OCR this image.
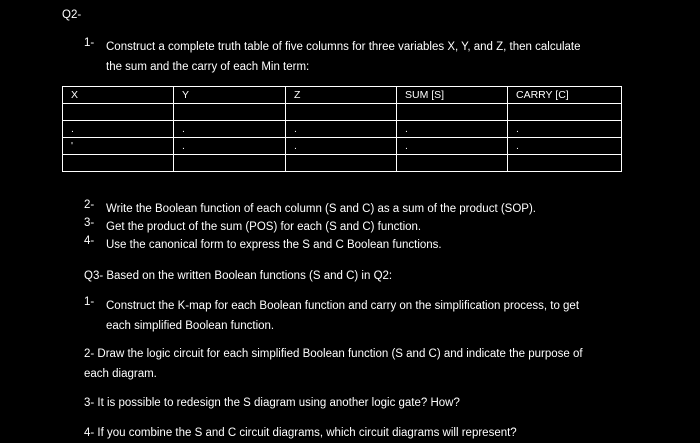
Q2-
1-	Construct a complete truth table of five columns for three variables X, Y, and Z, then calculate
the sum and the carry of each Min term:
X	Y	Z	SUM [S]	CARRY [C]

.	.	.	.	.
'	.	.	.	.

2-	Write the Boolean function of each column (S and C) as a sum of the product (SOP).
3-	Get the product of the sum (POS) for each (S and C) function.
4-	Use the canonical form to express the S and C Boolean functions.
Q3- Based on the written Boolean functions (S and C) in Q2:
1-	Construct the K-map for each Boolean function and carry on the simplification process, to get
each simplified Boolean function.
2- Draw the logic circuit for each simplified Boolean function (S and C) and indicate the purpose of
each diagram.
3- It is possible to redesign the S diagram using another logic gate? How?
4- If you combine the S and C circuit diagrams, which circuit diagrams will represent?
